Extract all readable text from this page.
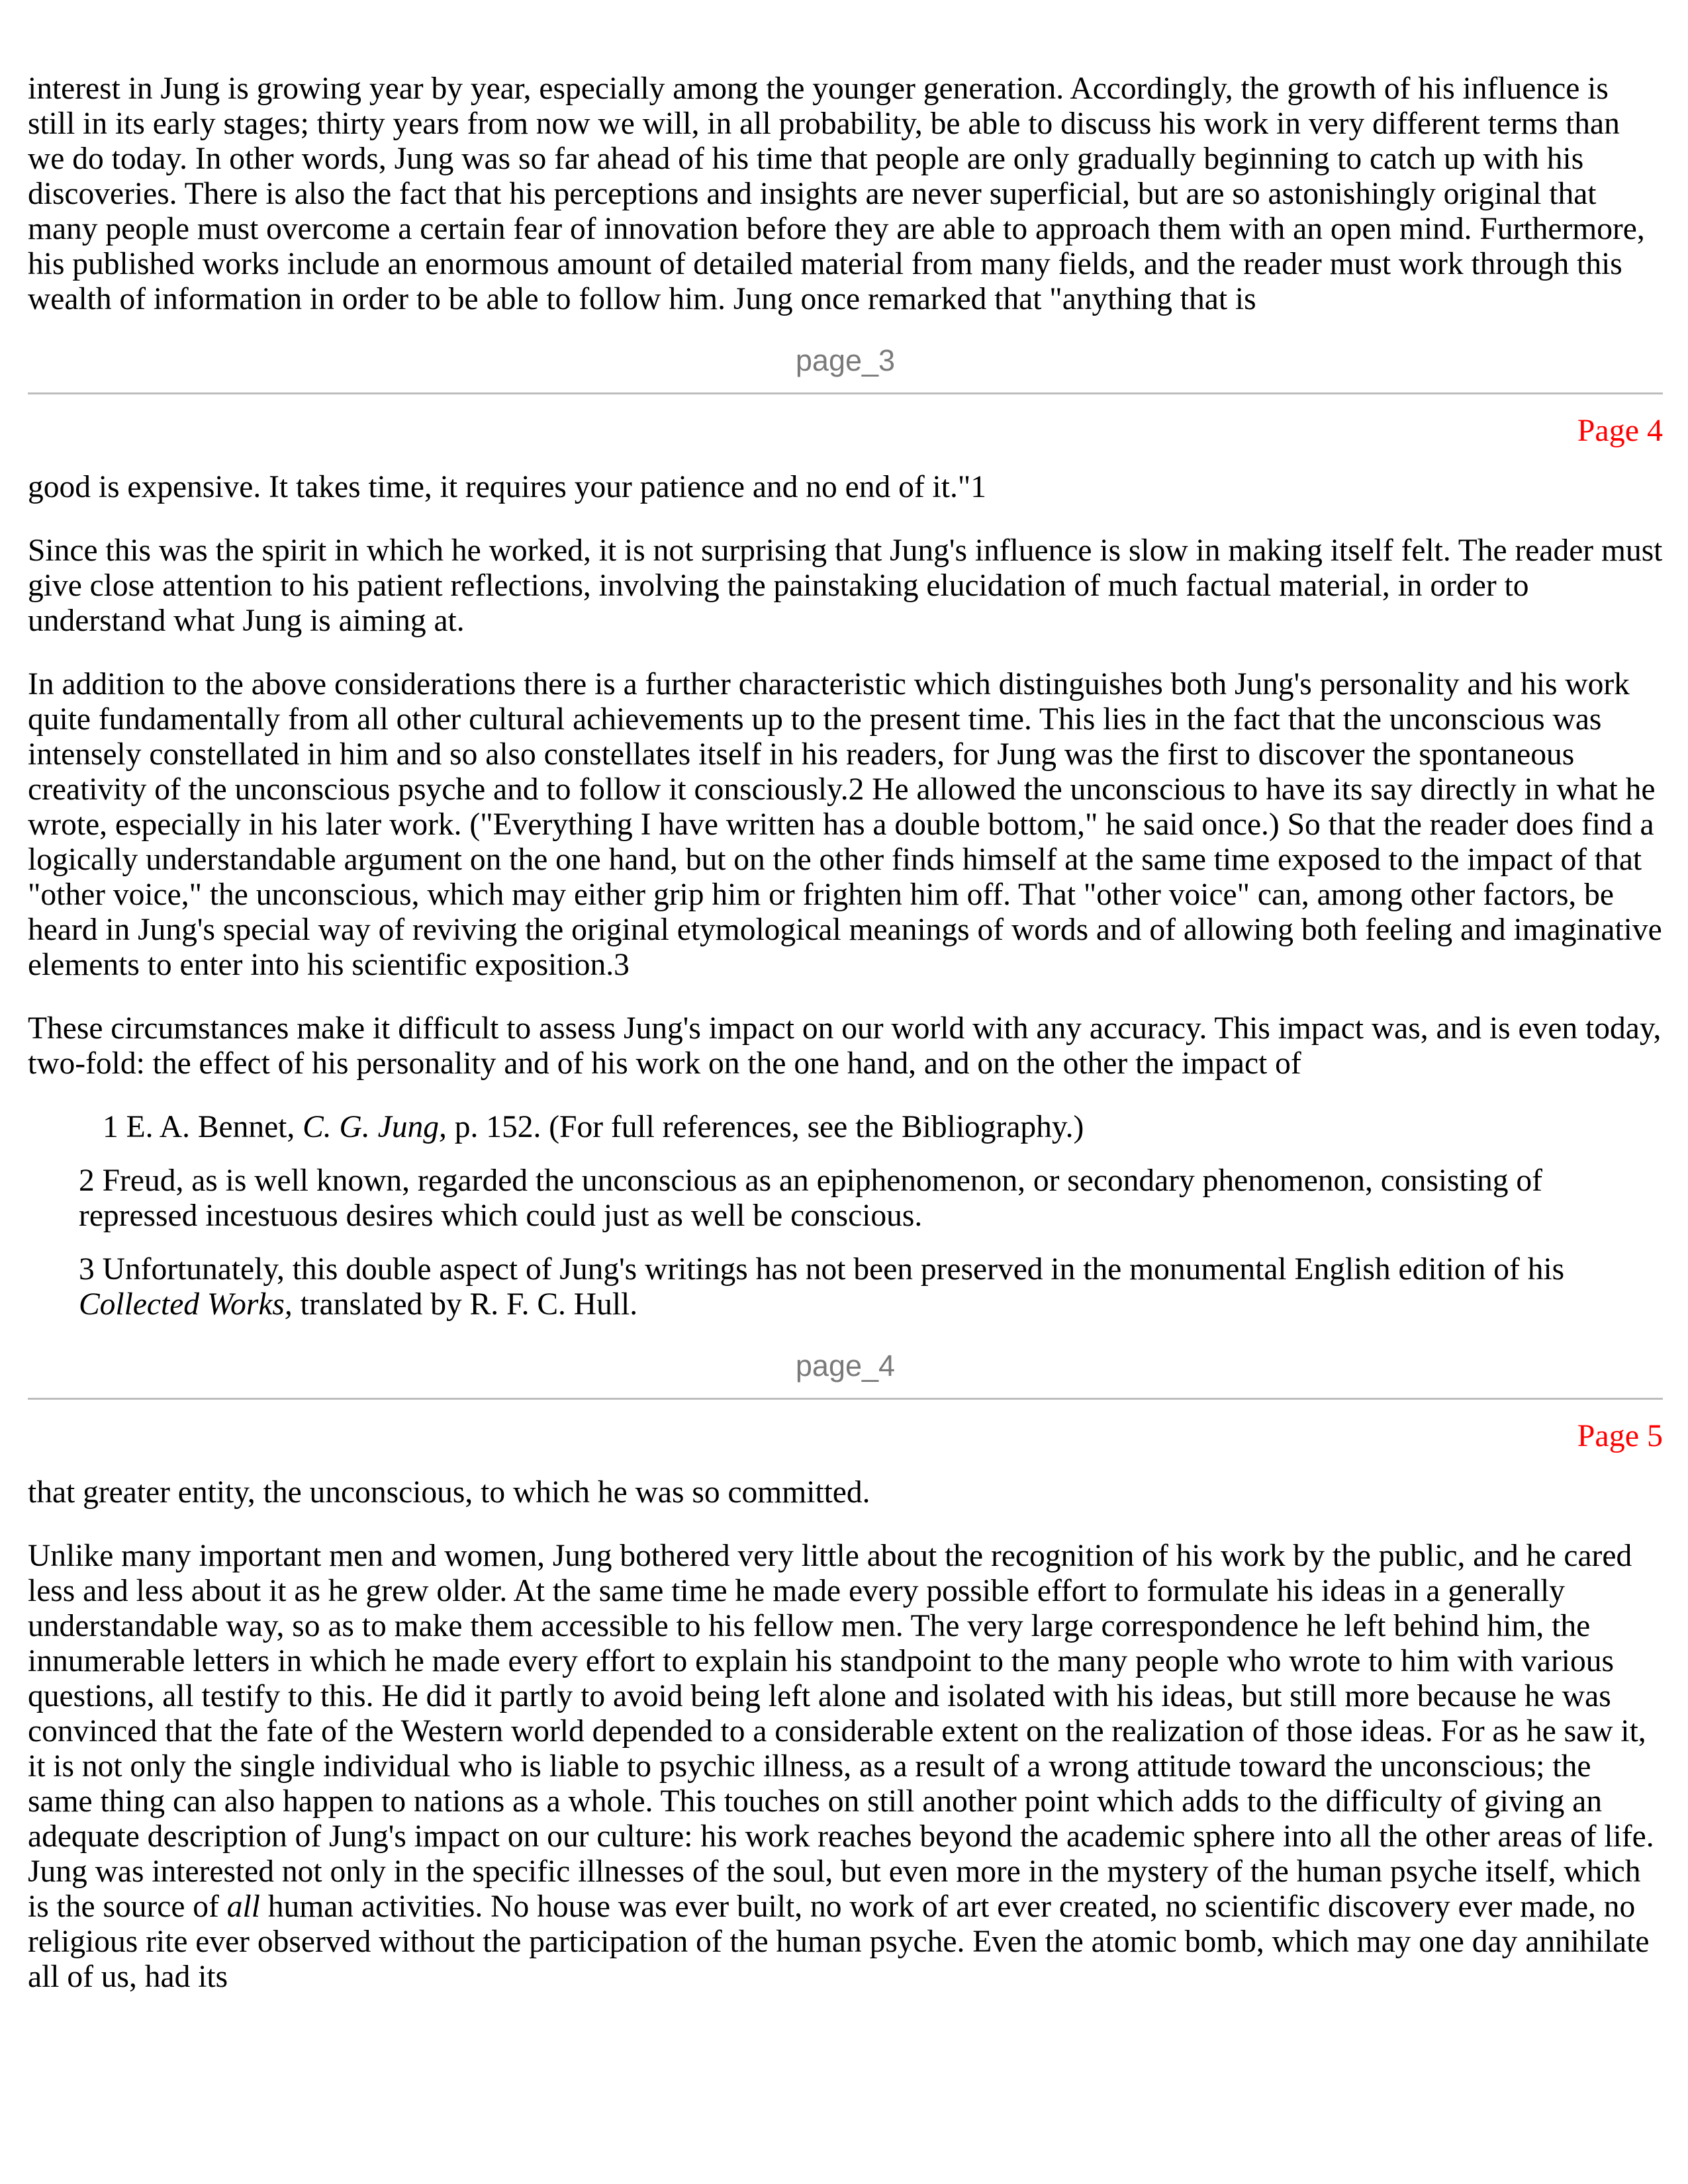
interest in Jung is growing year by year, especially among the younger generation. Accordingly, the growth of his influence is still in its early stages; thirty years from now we will, in all probability, be able to discuss his work in very different terms than we do today. In other words, Jung was so far ahead of his time that people are only gradually beginning to catch up with his discoveries. There is also the fact that his perceptions and insights are never superficial, but are so astonishingly original that many people must overcome a certain fear of innovation before they are able to approach them with an open mind. Furthermore, his published works include an enormous amount of detailed material from many fields, and the reader must work through this wealth of information in order to be able to follow him. Jung once remarked that "anything that is

page_3
Page 4

good is expensive. It takes time, it requires your patience and no end of it."1

Since this was the spirit in which he worked, it is not surprising that Jung's influence is slow in making itself felt. The reader must give close attention to his patient reflections, involving the painstaking elucidation of much factual material, in order to understand what Jung is aiming at.

In addition to the above considerations there is a further characteristic which distinguishes both Jung's personality and his work quite fundamentally from all other cultural achievements up to the present time. This lies in the fact that the unconscious was intensely constellated in him and so also constellates itself in his readers, for Jung was the first to discover the spontaneous creativity of the unconscious psyche and to follow it consciously.2 He allowed the unconscious to have its say directly in what he wrote, especially in his later work. ("Everything I have written has a double bottom," he said once.) So that the reader does find a logically understandable argument on the one hand, but on the other finds himself at the same time exposed to the impact of that "other voice," the unconscious, which may either grip him or frighten him off. That "other voice" can, among other factors, be heard in Jung's special way of reviving the original etymological meanings of words and of allowing both feeling and imaginative elements to enter into his scientific exposition.3

These circumstances make it difficult to assess Jung's impact on our world with any accuracy. This impact was, and is even today, two-fold: the effect of his personality and of his work on the one hand, and on the other the impact of

1 E. A. Bennet, C. G. Jung, p. 152. (For full references, see the Bibliography.)
2 Freud, as is well known, regarded the unconscious as an epiphenomenon, or secondary phenomenon, consisting of repressed incestuous desires which could just as well be conscious.
3 Unfortunately, this double aspect of Jung's writings has not been preserved in the monumental English edition of his Collected Works, translated by R. F. C. Hull.
page_4
Page 5

that greater entity, the unconscious, to which he was so committed.

Unlike many important men and women, Jung bothered very little about the recognition of his work by the public, and he cared less and less about it as he grew older. At the same time he made every possible effort to formulate his ideas in a generally understandable way, so as to make them accessible to his fellow men. The very large correspondence he left behind him, the innumerable letters in which he made every effort to explain his standpoint to the many people who wrote to him with various questions, all testify to this. He did it partly to avoid being left alone and isolated with his ideas, but still more because he was convinced that the fate of the Western world depended to a considerable extent on the realization of those ideas. For as he saw it, it is not only the single individual who is liable to psychic illness, as a result of a wrong attitude toward the unconscious; the same thing can also happen to nations as a whole. This touches on still another point which adds to the difficulty of giving an adequate description of Jung's impact on our culture: his work reaches beyond the academic sphere into all the other areas of life. Jung was interested not only in the specific illnesses of the soul, but even more in the mystery of the human psyche itself, which is the source of all human activities. No house was ever built, no work of art ever created, no scientific discovery ever made, no religious rite ever observed without the participation of the human psyche. Even the atomic bomb, which may one day annihilate all of us, had its
